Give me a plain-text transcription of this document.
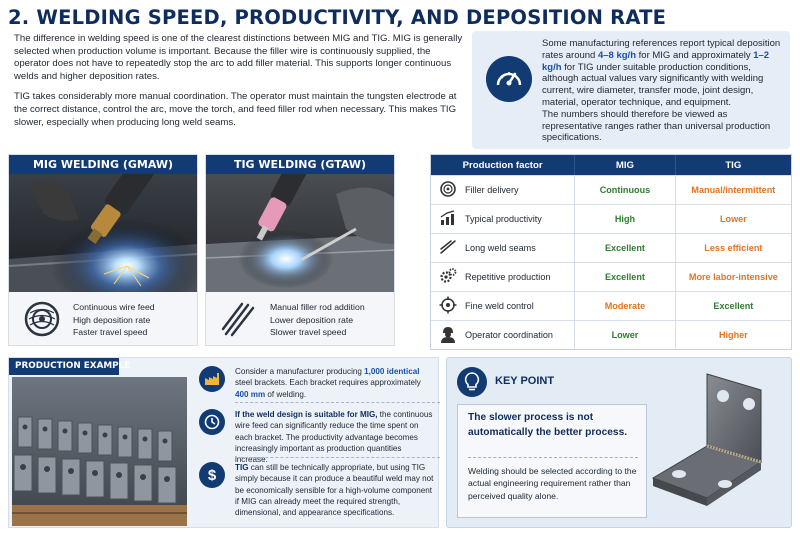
2. WELDING SPEED, PRODUCTIVITY, AND DEPOSITION RATE

The difference in welding speed is one of the clearest distinctions between MIG and TIG. MIG is generally selected when production volume is important. Because the filler wire is continuously supplied, the operator does not have to repeatedly stop the arc to add filler material. This supports longer continuous welds and higher deposition rates.

TIG takes considerably more manual coordination. The operator must maintain the tungsten electrode at the correct distance, control the arc, move the torch, and feed filler rod when necessary. This makes TIG slower, especially when producing long weld seams.

Some manufacturing references report typical deposition rates around 4–8 kg/h for MIG and approximately 1–2 kg/h for TIG under suitable production conditions, although actual values vary significantly with welding current, wire diameter, transfer mode, joint design, material, operator technique, and equipment.
The numbers should therefore be viewed as representative ranges rather than universal production specifications.
MIG WELDING (GMAW)
Continuous wire feed
High deposition rate
Faster travel speed
TIG WELDING (GTAW)
Manual filler rod addition
Lower deposition rate
Slower travel speed
Production factor	MIG	TIG
Filler delivery	Continuous	Manual/intermittent
Typical productivity	High	Lower
Long weld seams	Excellent	Less efficient
Repetitive production	Excellent	More labor-intensive
Fine weld control	Moderate	Excellent
Operator coordination	Lower	Higher
PRODUCTION EXAMPLE
Consider a manufacturer producing 1,000 identical steel brackets. Each bracket requires approximately 400 mm of welding.
If the weld design is suitable for MIG, the continuous wire feed can significantly reduce the time spent on each bracket. The productivity advantage becomes increasingly important as production quantities increase.
$ TIG can still be technically appropriate, but using TIG simply because it can produce a beautiful weld may not be economically sensible for a high-volume component if MIG can already meet the required strength, dimensional, and appearance specifications.
KEY POINT
The slower process is not automatically the better process.
Welding should be selected according to the actual engineering requirement rather than perceived quality alone.
